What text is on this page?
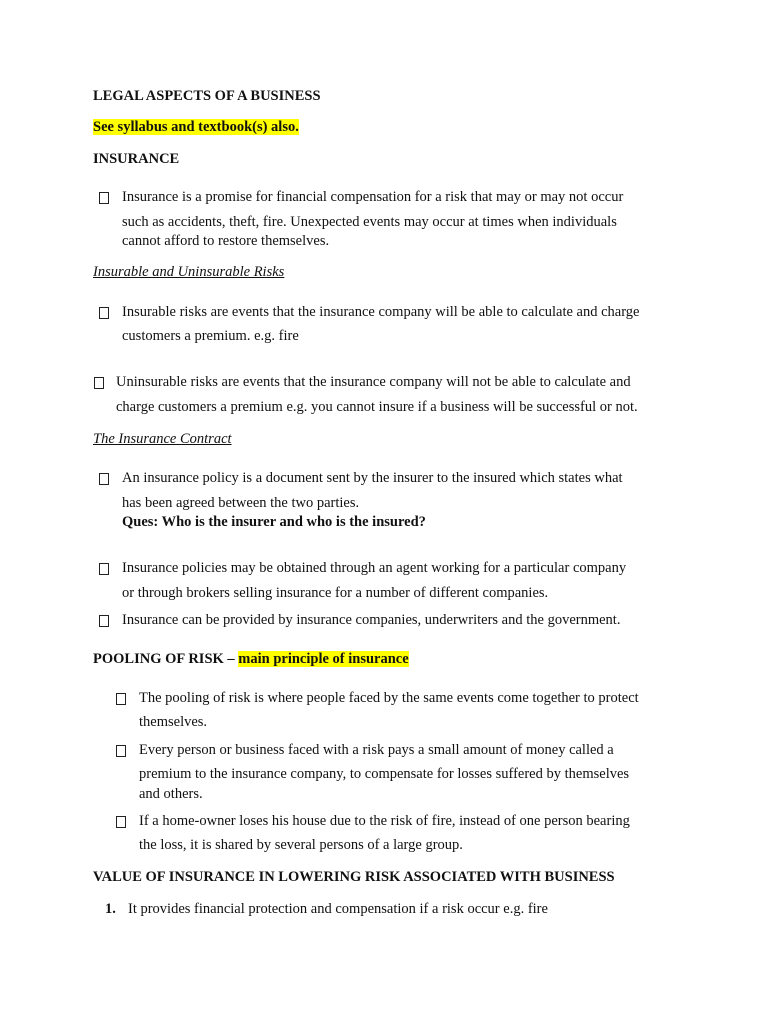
LEGAL ASPECTS OF A BUSINESS
See syllabus and textbook(s) also.
INSURANCE
Insurance is a promise for financial compensation for a risk that may or may not occur
such as accidents, theft, fire. Unexpected events may occur at times when individuals
cannot afford to restore themselves.
Insurable and Uninsurable Risks
Insurable risks are events that the insurance company will be able to calculate and charge
customers a premium. e.g. fire
Uninsurable risks are events that the insurance company will not be able to calculate and
charge customers a premium e.g. you cannot insure if a business will be successful or not.
The Insurance Contract
An insurance policy is a document sent by the insurer to the insured which states what
has been agreed between the two parties.
Ques: Who is the insurer and who is the insured?
Insurance policies may be obtained through an agent working for a particular company
or through brokers selling insurance for a number of different companies.
Insurance can be provided by insurance companies, underwriters and the government.
POOLING OF RISK – main principle of insurance
The pooling of risk is where people faced by the same events come together to protect
themselves.
Every person or business faced with a risk pays a small amount of money called a
premium to the insurance company, to compensate for losses suffered by themselves
and others.
If a home-owner loses his house due to the risk of fire, instead of one person bearing
the loss, it is shared by several persons of a large group.
VALUE OF INSURANCE IN LOWERING RISK ASSOCIATED WITH BUSINESS
1. It provides financial protection and compensation if a risk occur e.g. fire
